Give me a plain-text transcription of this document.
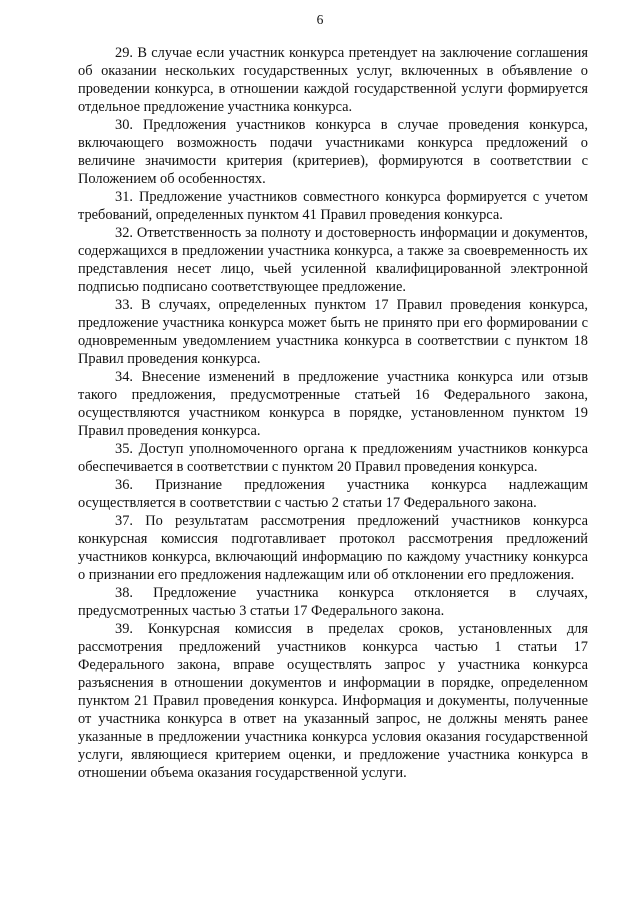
6

29. В случае если участник конкурса претендует на заключение соглашения об оказании нескольких государственных услуг, включенных в объявление о проведении конкурса, в отношении каждой государственной услуги формируется отдельное предложение участника конкурса.

30. Предложения участников конкурса в случае проведения конкурса, включающего возможность подачи участниками конкурса предложений о величине значимости критерия (критериев), формируются в соответствии с Положением об особенностях.

31. Предложение участников совместного конкурса формируется с учетом требований, определенных пунктом 41 Правил проведения конкурса.

32. Ответственность за полноту и достоверность информации и документов, содержащихся в предложении участника конкурса, а также за своевременность их представления несет лицо, чьей усиленной квалифицированной электронной подписью подписано соответствующее предложение.

33. В случаях, определенных пунктом 17 Правил проведения конкурса, предложение участника конкурса может быть не принято при его формировании с одновременным уведомлением участника конкурса в соответствии с пунктом 18 Правил проведения конкурса.

34. Внесение изменений в предложение участника конкурса или отзыв такого предложения, предусмотренные статьей 16 Федерального закона, осуществляются участником конкурса в порядке, установленном пунктом 19 Правил проведения конкурса.

35. Доступ уполномоченного органа к предложениям участников конкурса обеспечивается в соответствии с пунктом 20 Правил проведения конкурса.

36. Признание предложения участника конкурса надлежащим осуществляется в соответствии с частью 2 статьи 17 Федерального закона.

37. По результатам рассмотрения предложений участников конкурса конкурсная комиссия подготавливает протокол рассмотрения предложений участников конкурса, включающий информацию по каждому участнику конкурса о признании его предложения надлежащим или об отклонении его предложения.

38. Предложение участника конкурса отклоняется в случаях, предусмотренных частью 3 статьи 17 Федерального закона.

39. Конкурсная комиссия в пределах сроков, установленных для рассмотрения предложений участников конкурса частью 1 статьи 17 Федерального закона, вправе осуществлять запрос у участника конкурса разъяснения в отношении документов и информации в порядке, определенном пунктом 21 Правил проведения конкурса. Информация и документы, полученные от участника конкурса в ответ на указанный запрос, не должны менять ранее указанные в предложении участника конкурса условия оказания государственной услуги, являющиеся критерием оценки, и предложение участника конкурса в отношении объема оказания государственной услуги.
